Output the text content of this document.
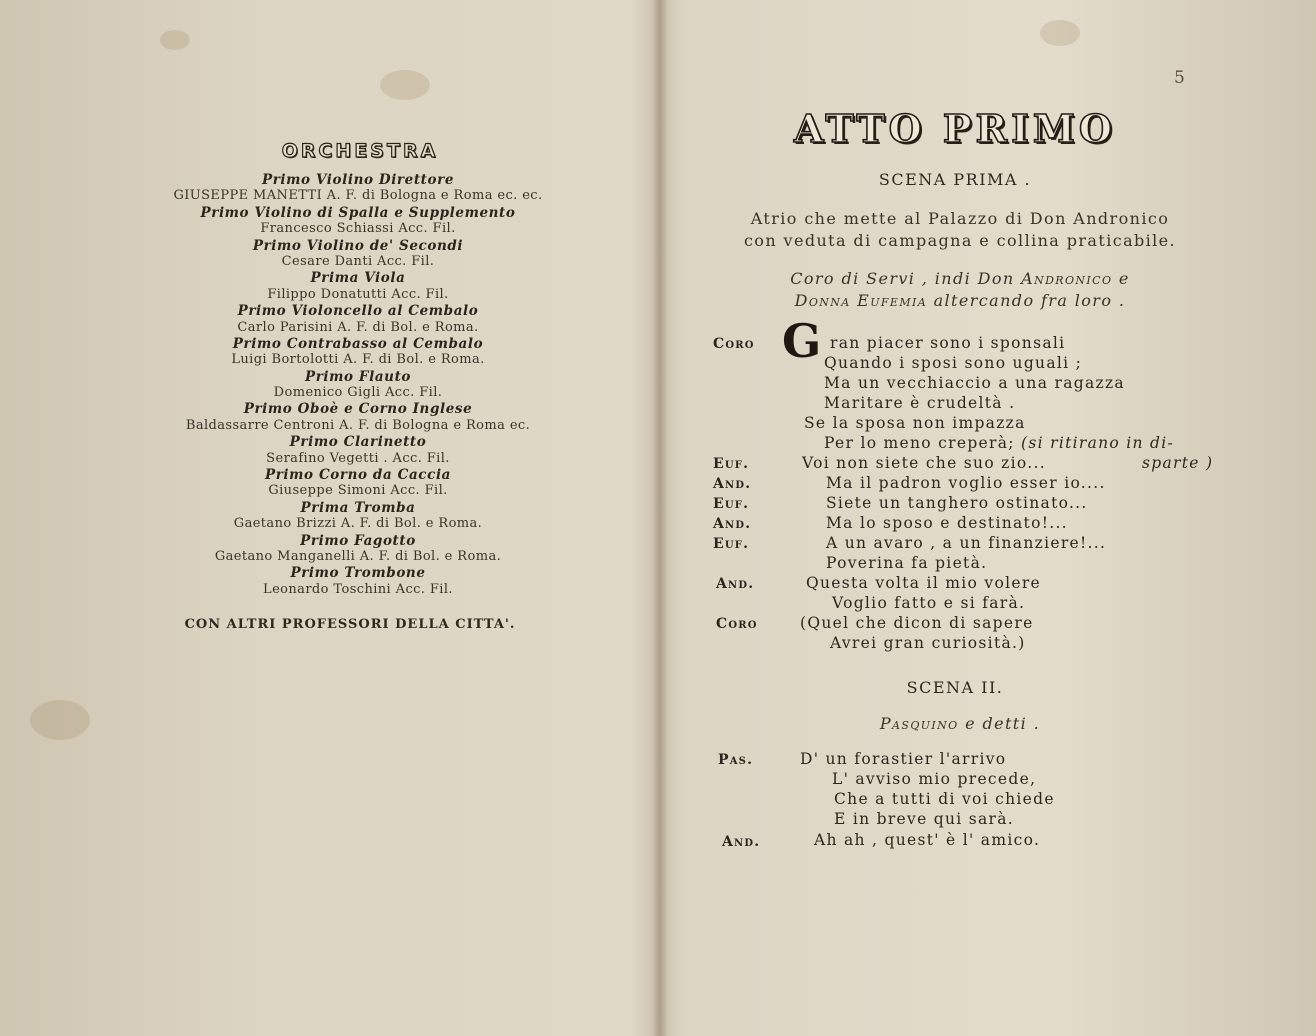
ORCHESTRA
Primo Violino Direttore
GIUSEPPE MANETTI A. F. di Bologna e Roma ec. ec.
Primo Violino di Spalla e Supplemento
Francesco Schiassi Acc. Fil.
Primo Violino de' Secondi
Cesare Danti Acc. Fil.
Prima Viola
Filippo Donatutti Acc. Fil.
Primo Violoncello al Cembalo
Carlo Parisini A. F. di Bol. e Roma.
Primo Contrabasso al Cembalo
Luigi Bortolotti A. F. di Bol. e Roma.
Primo Flauto
Domenico Gigli Acc. Fil.
Primo Oboè e Corno Inglese
Baldassarre Centroni A. F. di Bologna e Roma ec.
Primo Clarinetto
Serafino Vegetti . Acc. Fil.
Primo Corno da Caccia
Giuseppe Simoni Acc. Fil.
Prima Tromba
Gaetano Brizzi A. F. di Bol. e Roma.
Primo Fagotto
Gaetano Manganelli A. F. di Bol. e Roma.
Primo Trombone
Leonardo Toschini Acc. Fil.
CON ALTRI PROFESSORI DELLA CITTA'.
5
ATTO PRIMO
SCENA PRIMA .
Atrio che mette al Palazzo di Don Andronico
con veduta di campagna e collina praticabile.
Coro di Servi , indi Don Andronico e
Donna Eufemia altercando fra loro .
Coro G ran piacer sono i sponsali
Quando i sposi sono uguali ;
Ma un vecchiaccio a una ragazza
Maritare è crudeltà .
Se la sposa non impazza
Per lo meno creperà; (si ritirano in di-
Euf.	Voi non siete che suo zio...	sparte )
And.	Ma il padron voglio esser io....
Euf.	Siete un tanghero ostinato...
And.	Ma lo sposo e destinato!...
Euf.	A un avaro , a un finanziere!...
Poverina fa pietà.
And.	Questa volta il mio volere
Voglio fatto e si farà.
Coro	(Quel che dicon di sapere
Avrei gran curiosità.)
SCENA II.
Pasquino e detti .
Pas.	D' un forastier l'arrivo
L' avviso mio precede,
Che a tutti di voi chiede
E in breve qui sarà.
And.	Ah ah , quest' è l' amico.
